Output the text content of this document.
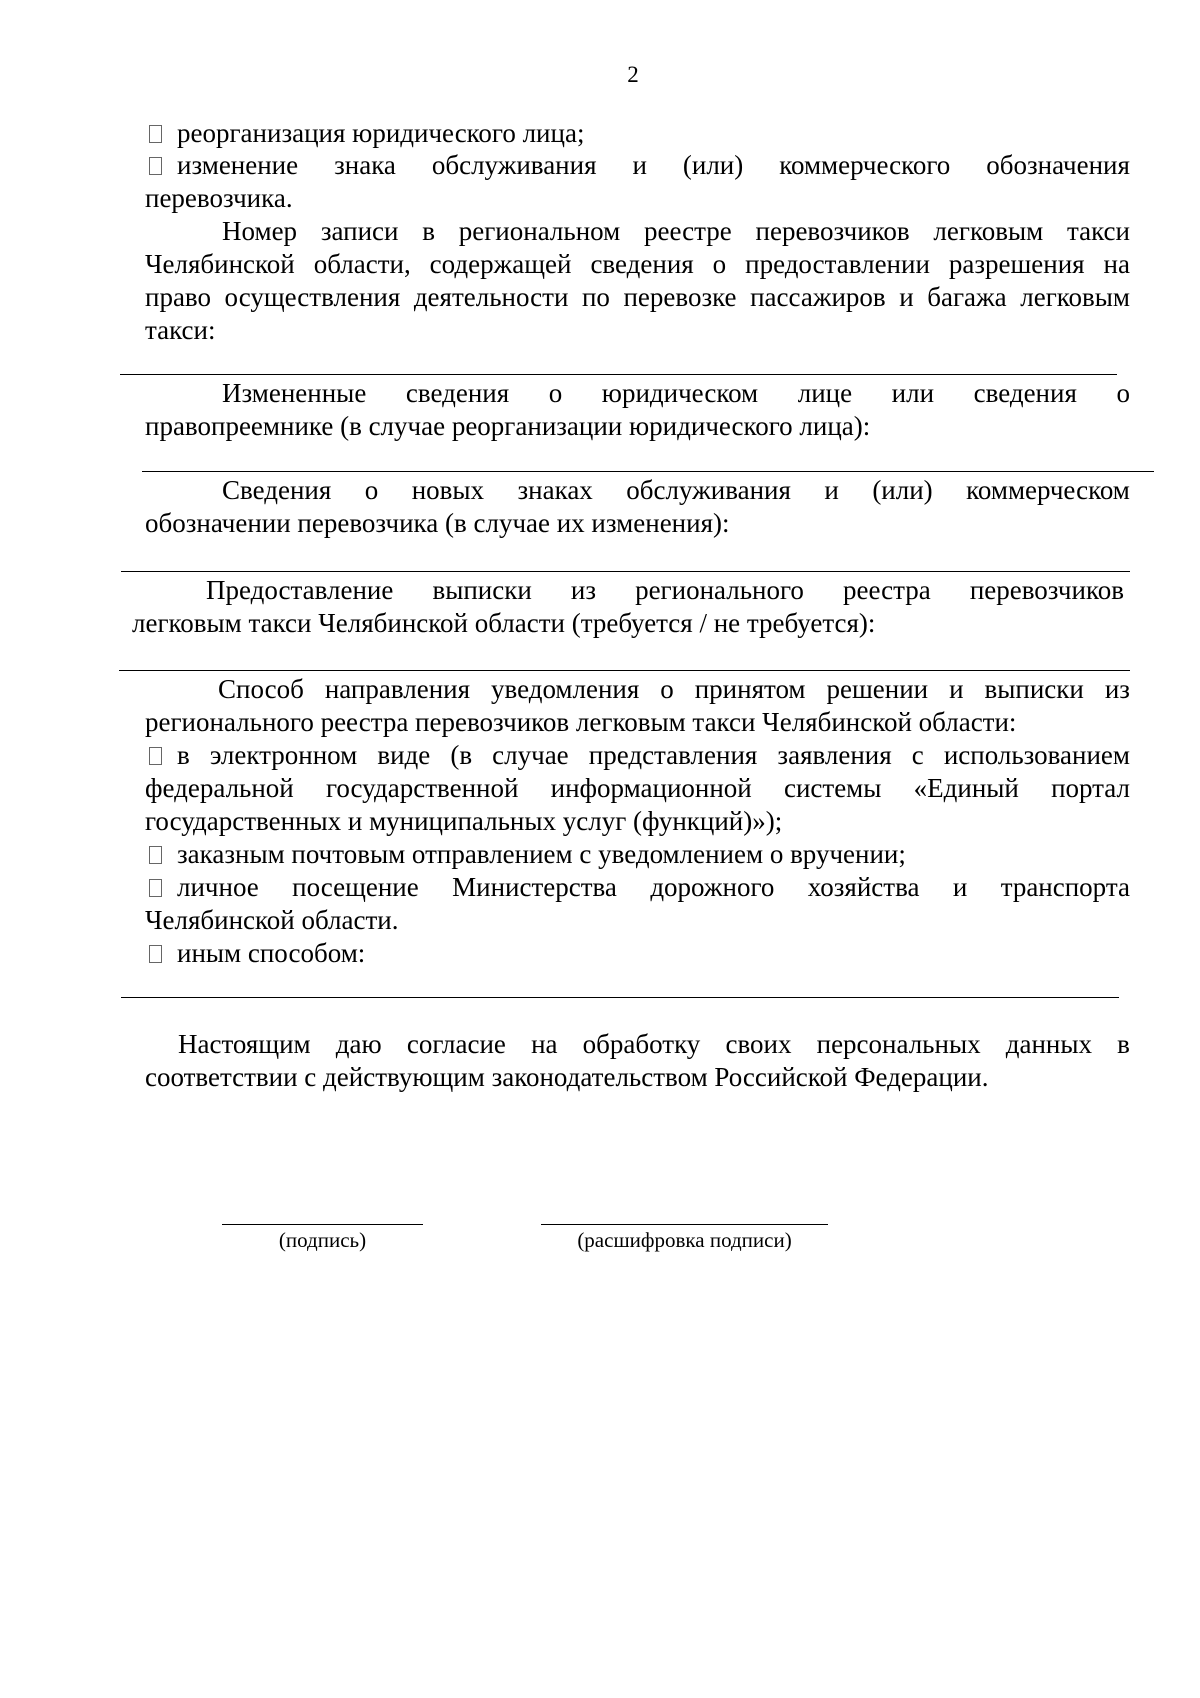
2
реорганизация юридического лица;
изменение знака обслуживания и (или) коммерческого обозначения
перевозчика.
Номер записи в региональном реестре перевозчиков легковым такси
Челябинской области, содержащей сведения о предоставлении разрешения на
право осуществления деятельности по перевозке пассажиров и багажа легковым
такси:
Измененные сведения о юридическом лице или сведения о
правопреемнике (в случае реорганизации юридического лица):
Сведения о новых знаках обслуживания и (или) коммерческом
обозначении перевозчика (в случае их изменения):
Предоставление выписки из регионального реестра перевозчиков
легковым такси Челябинской области (требуется / не требуется):
Способ направления уведомления о принятом решении и выписки из
регионального реестра перевозчиков легковым такси Челябинской области:
в электронном виде (в случае представления заявления с использованием
федеральной государственной информационной системы «Единый портал
государственных и муниципальных услуг (функций)»);
заказным почтовым отправлением с уведомлением о вручении;
личное посещение Министерства дорожного хозяйства и транспорта
Челябинской области.
иным способом:
Настоящим даю согласие на обработку своих персональных данных в
соответствии с действующим законодательством Российской Федерации.
(подпись)	(расшифровка подписи)
